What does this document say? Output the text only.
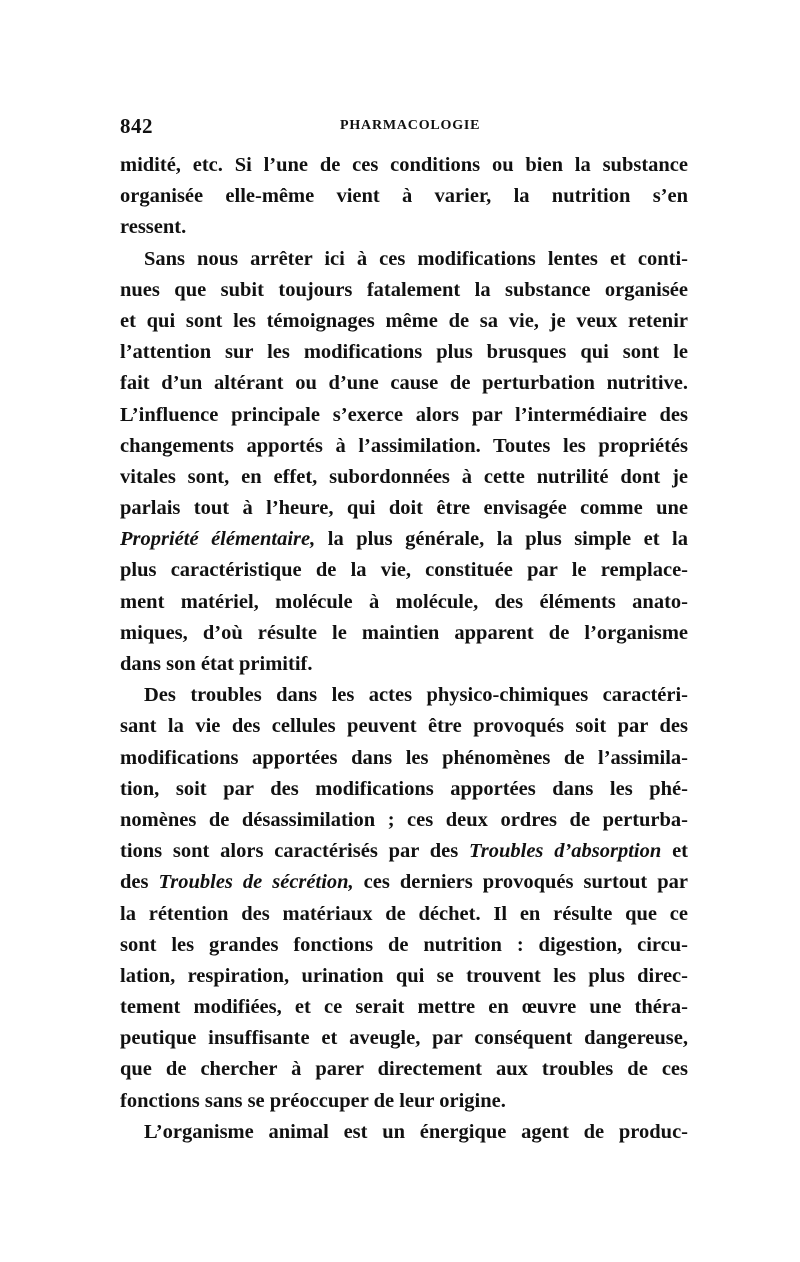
842	PHARMACOLOGIE
midité, etc. Si l’une de ces conditions ou bien la substance
organisée elle-même vient à varier, la nutrition s’en
ressent.
Sans nous arrêter ici à ces modifications lentes et conti-
nues que subit toujours fatalement la substance organisée
et qui sont les témoignages même de sa vie, je veux retenir
l’attention sur les modifications plus brusques qui sont le
fait d’un altérant ou d’une cause de perturbation nutritive.
L’influence principale s’exerce alors par l’intermédiaire des
changements apportés à l’assimilation. Toutes les propriétés
vitales sont, en effet, subordonnées à cette nutrilité dont je
parlais tout à l’heure, qui doit être envisagée comme une
Propriété élémentaire, la plus générale, la plus simple et la
plus caractéristique de la vie, constituée par le remplace-
ment matériel, molécule à molécule, des éléments anato-
miques, d’où résulte le maintien apparent de l’organisme
dans son état primitif.
Des troubles dans les actes physico-chimiques caractéri-
sant la vie des cellules peuvent être provoqués soit par des
modifications apportées dans les phénomènes de l’assimila-
tion, soit par des modifications apportées dans les phé-
nomènes de désassimilation ; ces deux ordres de perturba-
tions sont alors caractérisés par des Troubles d’absorption et
des Troubles de sécrétion, ces derniers provoqués surtout par
la rétention des matériaux de déchet. Il en résulte que ce
sont les grandes fonctions de nutrition : digestion, circu-
lation, respiration, urination qui se trouvent les plus direc-
tement modifiées, et ce serait mettre en œuvre une théra-
peutique insuffisante et aveugle, par conséquent dangereuse,
que de chercher à parer directement aux troubles de ces
fonctions sans se préoccuper de leur origine.
L’organisme animal est un énergique agent de produc-
